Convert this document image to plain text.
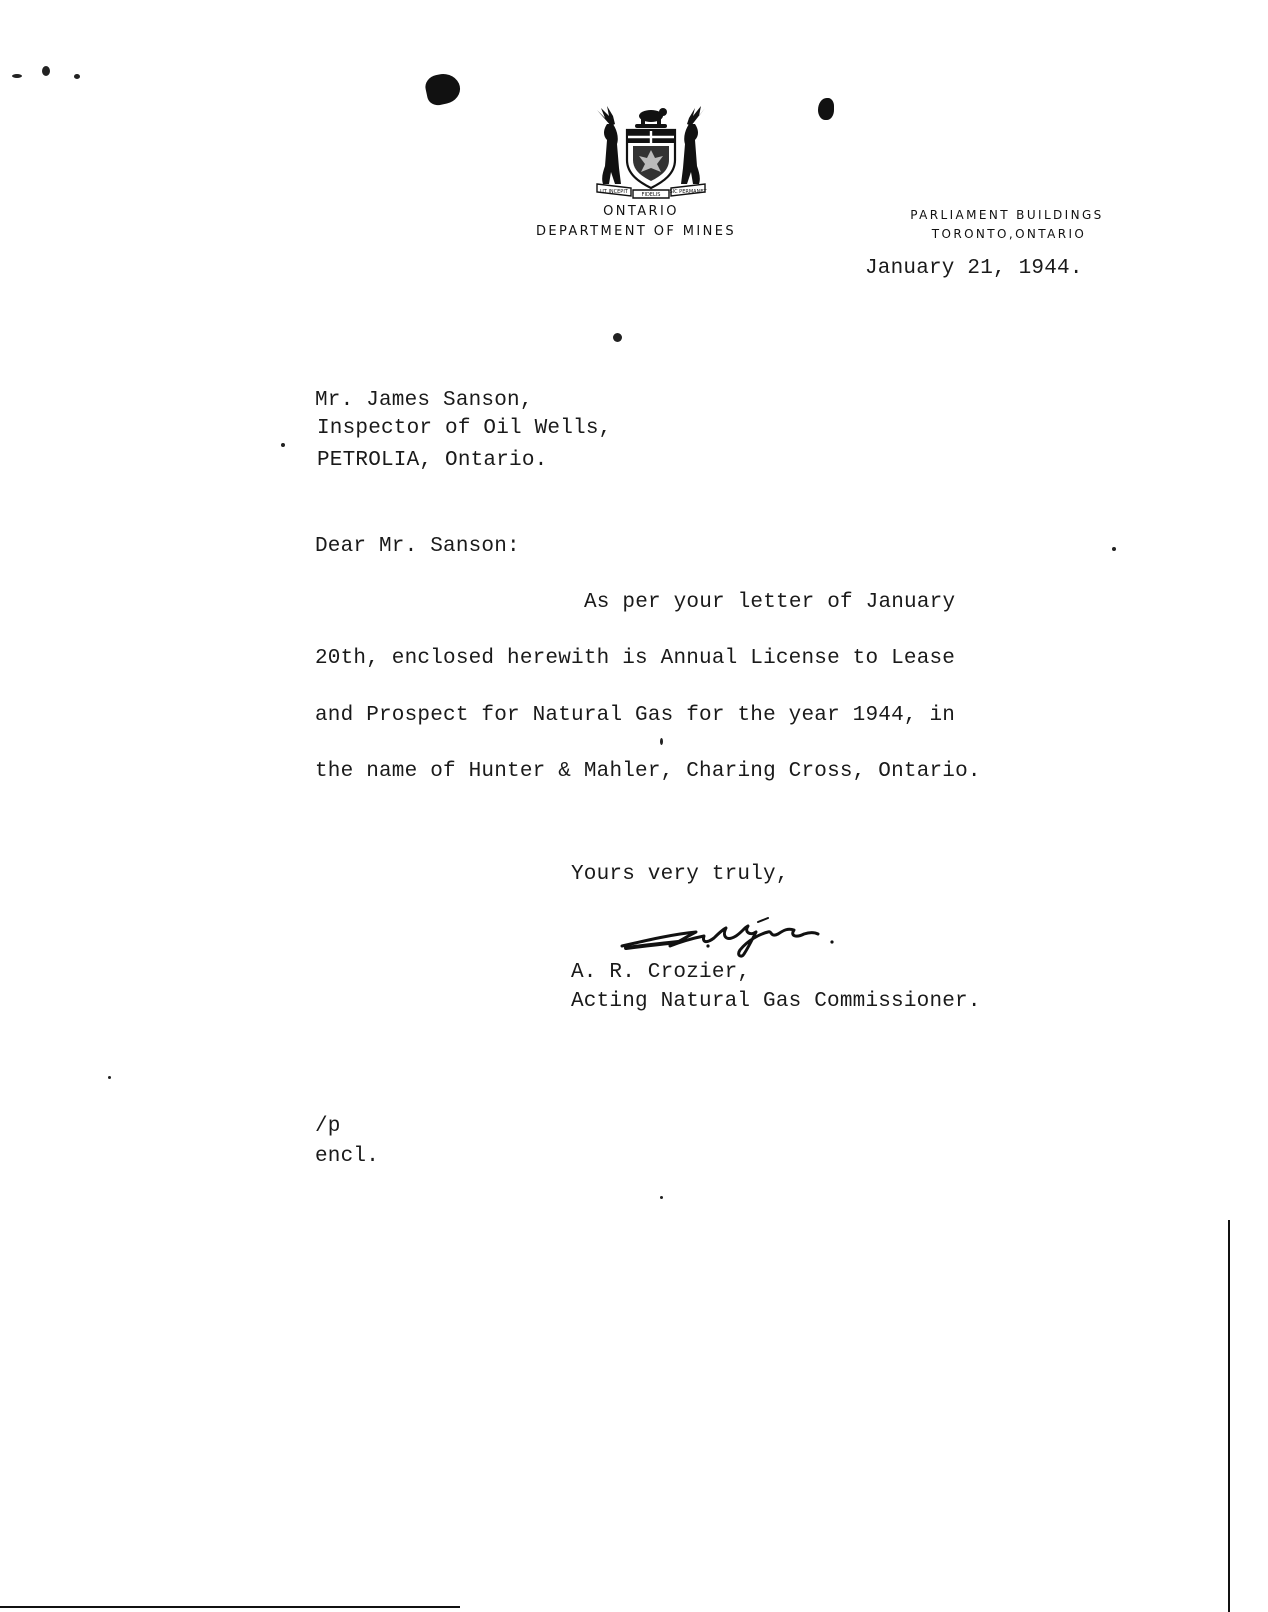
UT INCEPIT	FIDELIS SIC PERMANET
ONTARIO
DEPARTMENT OF MINES
PARLIAMENT BUILDINGS
TORONTO,ONTARIO
January 21, 1944.
Mr. James Sanson,
Inspector of Oil Wells,
PETROLIA, Ontario.
Dear Mr. Sanson:
As per your letter of January
20th, enclosed herewith is Annual License to Lease
and Prospect for Natural Gas for the year 1944, in
the name of Hunter & Mahler, Charing Cross, Ontario.
Yours very truly,
A. R. Crozier,
Acting Natural Gas Commissioner.
/p
encl.
